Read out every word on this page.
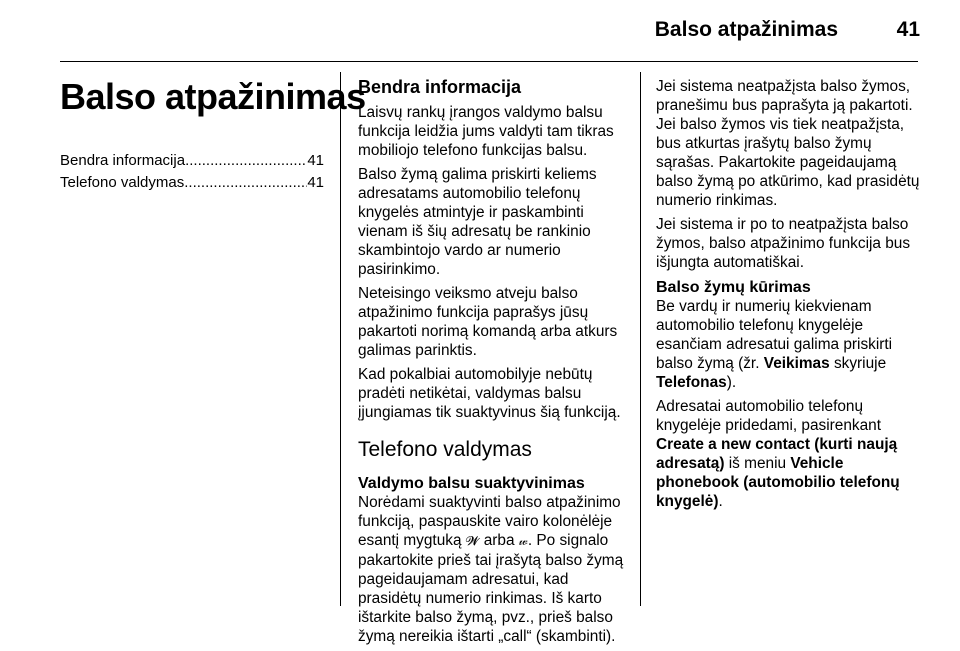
Balso atpažinimas	41
Balso atpažinimas
Bendra informacija .....	41
Telefono valdymas .....	41
Bendra informacija

Laisvų rankų įrangos valdymo balsu funkcija leidžia jums valdyti tam tikras mobiliojo telefono funkcijas balsu.

Balso žymą galima priskirti keliems adresatams automobilio telefonų knygelės atmintyje ir paskambinti vienam iš šių adresatų be rankinio skambintojo vardo ar numerio pasirinkimo.

Neteisingo veiksmo atveju balso atpažinimo funkcija paprašys jūsų pakartoti norimą komandą arba atkurs galimas parinktis.

Kad pokalbiai automobilyje nebūtų pradėti netikėtai, valdymas balsu įjungiamas tik suaktyvinus šią funkciją.

Telefono valdymas
Valdymo balsu suaktyvinimas

Norėdami suaktyvinti balso atpažinimo funkciją, paspauskite vairo kolonėlėje esantį mygtuką 𝓦 arba 𝓌. Po signalo pakartokite prieš tai įrašytą balso žymą pageidaujamam adresatui, kad prasidėtų numerio rinkimas. Iš karto ištarkite balso žymą, pvz., prieš balso žymą nereikia ištarti „call“ (skambinti).

Jei sistema neatpažįsta balso žymos, pranešimu bus paprašyta ją pakartoti. Jei balso žymos vis tiek neatpažįsta, bus atkurtas įrašytų balso žymų sąrašas. Pakartokite pageidaujamą balso žymą po atkūrimo, kad prasidėtų numerio rinkimas.

Jei sistema ir po to neatpažįsta balso žymos, balso atpažinimo funkcija bus išjungta automatiškai.

Balso žymų kūrimas

Be vardų ir numerių kiekvienam automobilio telefonų knygelėje esančiam adresatui galima priskirti balso žymą (žr. Veikimas skyriuje Telefonas).

Adresatai automobilio telefonų knygelėje pridedami, pasirenkant Create a new contact (kurti naują adresatą) iš meniu Vehicle phonebook (automobilio telefonų knygelė).
